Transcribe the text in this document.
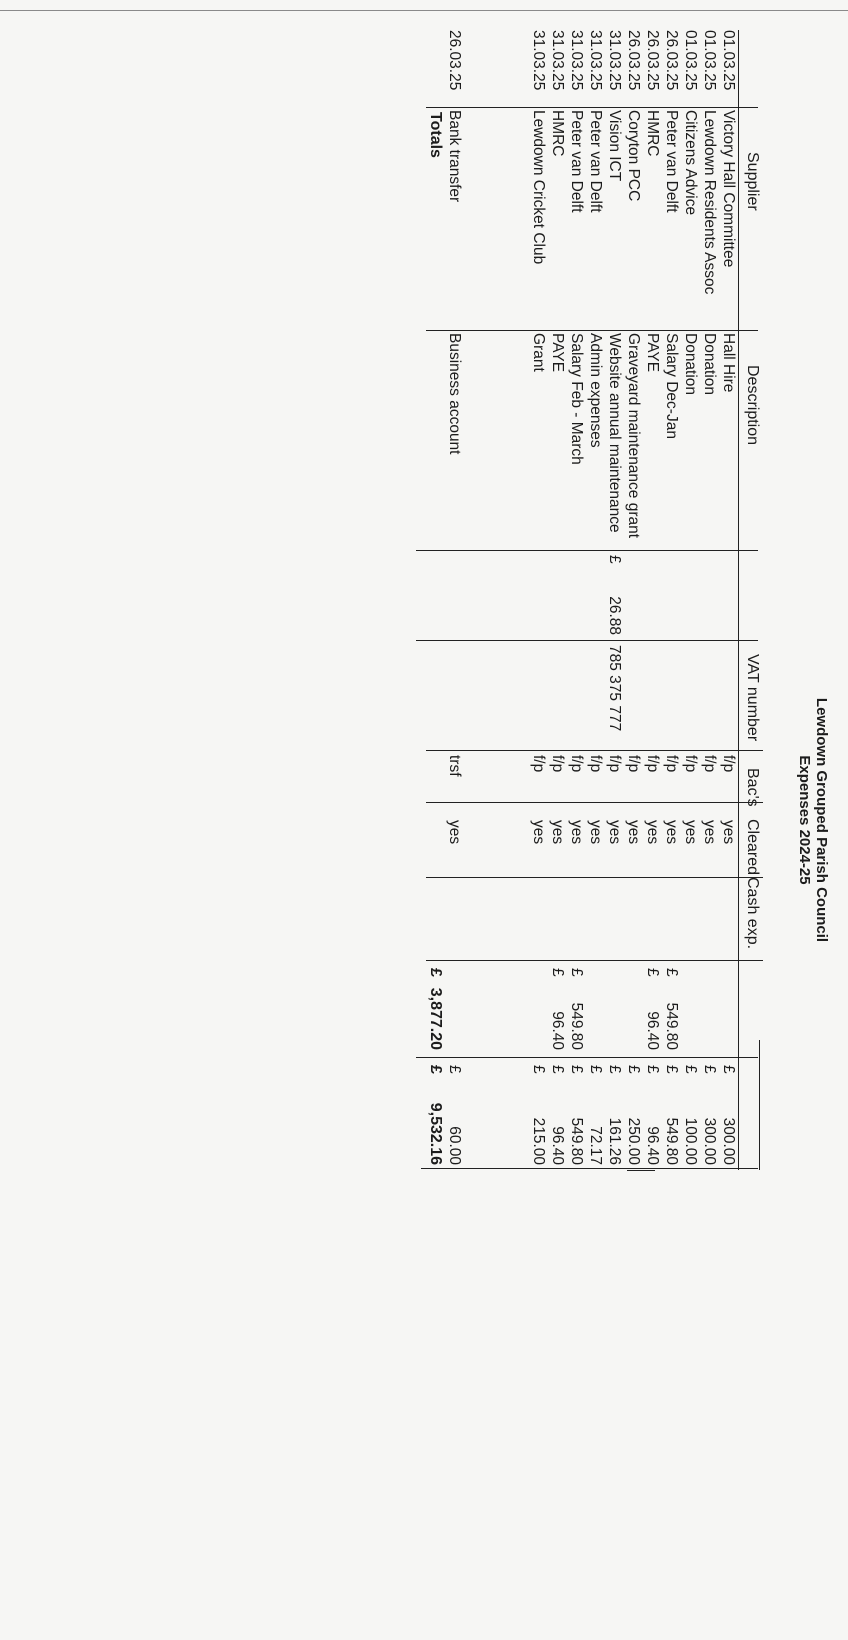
Lewdown Grouped Parish Council
Expenses 2024-25
Supplier
Description
VAT number
Bac's
Cleared
Cash exp.
01.03.25
Victory Hall Committee
Hall Hire
f/p
yes
£
300.00
01.03.25
Lewdown Residents Assoc
Donation
f/p
yes
£
300.00
01.03.25
Citizens Advice
Donation
f/p
yes
£
100.00
26.03.25
Peter van Delft
Salary Dec-Jan
f/p
yes
£
549.80
£
549.80
26.03.25
HMRC
PAYE
f/p
yes
£
96.40
£
96.40
26.03.25
Coryton PCC
Graveyard maintenance grant
f/p
yes
£
250.00
31.03.25
Vision ICT
Website annual maintenance
785 375 777
f/p
yes
£
26.88
£
161.26
31.03.25
Peter van Delft
Admin expenses
f/p
yes
£
72.17
31.03.25
Peter van Delft
Salary Feb - March
f/p
yes
£
549.80
£
549.80
31.03.25
HMRC
PAYE
f/p
yes
£
96.40
£
96.40
31.03.25
Lewdown Cricket Club
Grant
f/p
yes
£
215.00
26.03.25
Bank transfer
Business account
trsf
yes
£
60.00
Totals
£
3,877.20
£
9,532.16
